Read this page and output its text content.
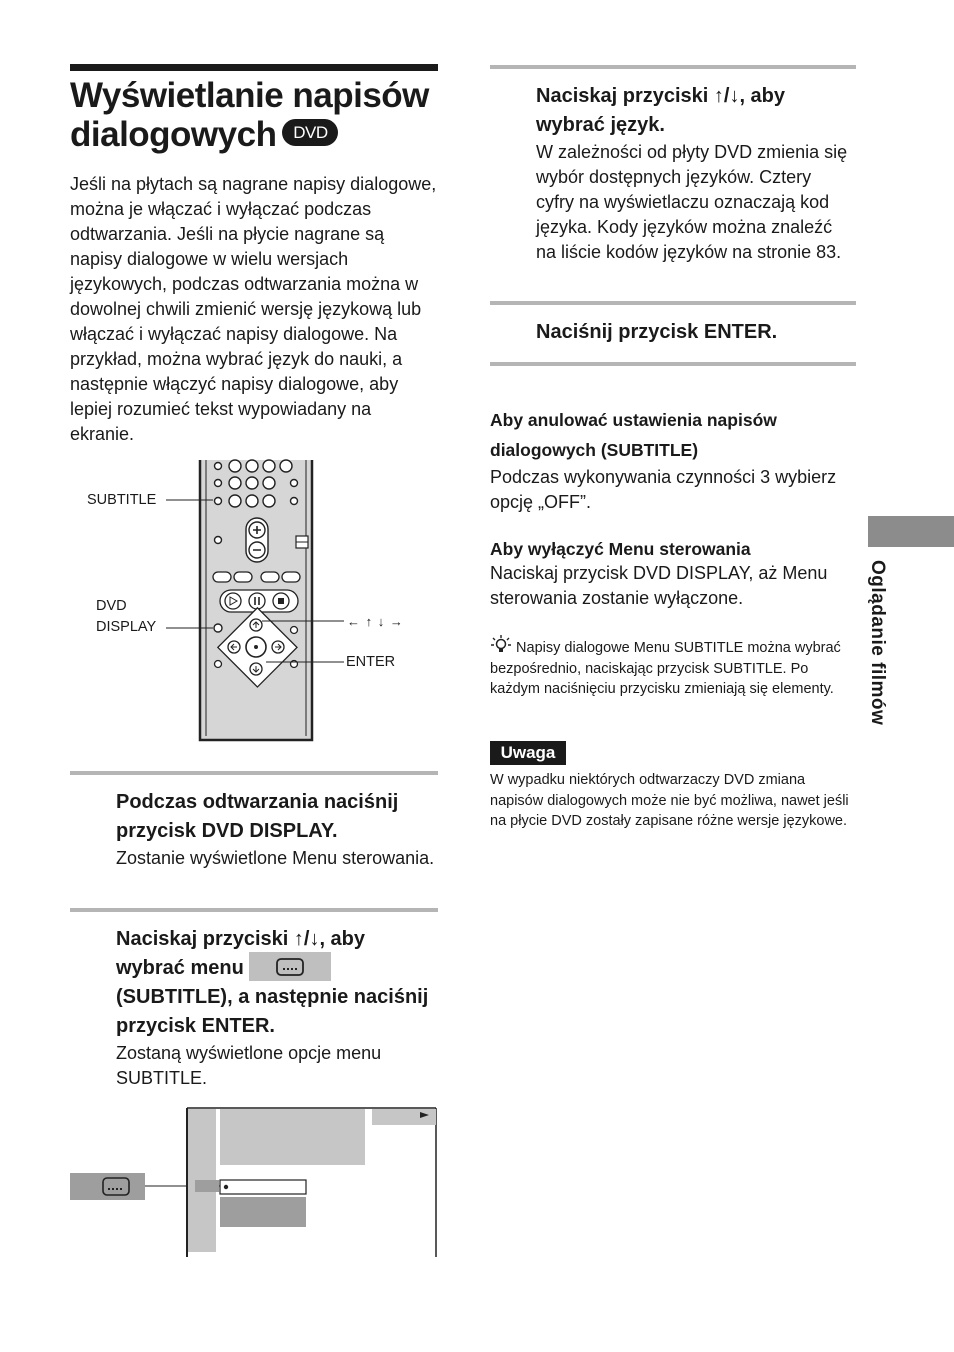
Wyświetlanie napisów
dialogowych DVD
Jeśli na płytach są nagrane napisy dialogowe, można je włączać i wyłączać podczas odtwarzania. Jeśli na płycie nagrane są napisy dialogowe w wielu wersjach językowych, podczas odtwarzania można w dowolnej chwili zmienić wersję językową lub włączać i wyłączać napisy dialogowe. Na przykład, można wybrać język do nauki, a następnie włączyć napisy dialogowe, aby lepiej rozumieć tekst wypowiadany na ekranie.
SUBTITLE
DVD
DISPLAY	← ↑ ↓ →
ENTER
Podczas odtwarzania naciśnij przycisk DVD DISPLAY.
Zostanie wyświetlone Menu sterowania.
Naciskaj przyciski ↑/↓, aby wybrać menu  (SUBTITLE), a następnie naciśnij przycisk ENTER.
Zostaną wyświetlone opcje menu SUBTITLE.
Naciskaj przyciski ↑/↓, aby wybrać język.
W zależności od płyty DVD zmienia się wybór dostępnych języków. Cztery cyfry na wyświetlaczu oznaczają kod języka. Kody języków można znaleźć na liście kodów języków na stronie 83.
Naciśnij przycisk ENTER.
Aby anulować ustawienia napisów dialogowych (SUBTITLE)
Podczas wykonywania czynności 3 wybierz opcję „OFF”.
Aby wyłączyć Menu sterowania
Naciskaj przycisk DVD DISPLAY, aż Menu sterowania zostanie wyłączone.
Napisy dialogowe Menu SUBTITLE można wybrać bezpośrednio, naciskając przycisk SUBTITLE. Po każdym naciśnięciu przycisku zmieniają się elementy.
Uwaga
W wypadku niektórych odtwarzaczy DVD zmiana napisów dialogowych może nie być możliwa, nawet jeśli na płycie DVD zostały zapisane różne wersje językowe.
Oglądanie filmów
